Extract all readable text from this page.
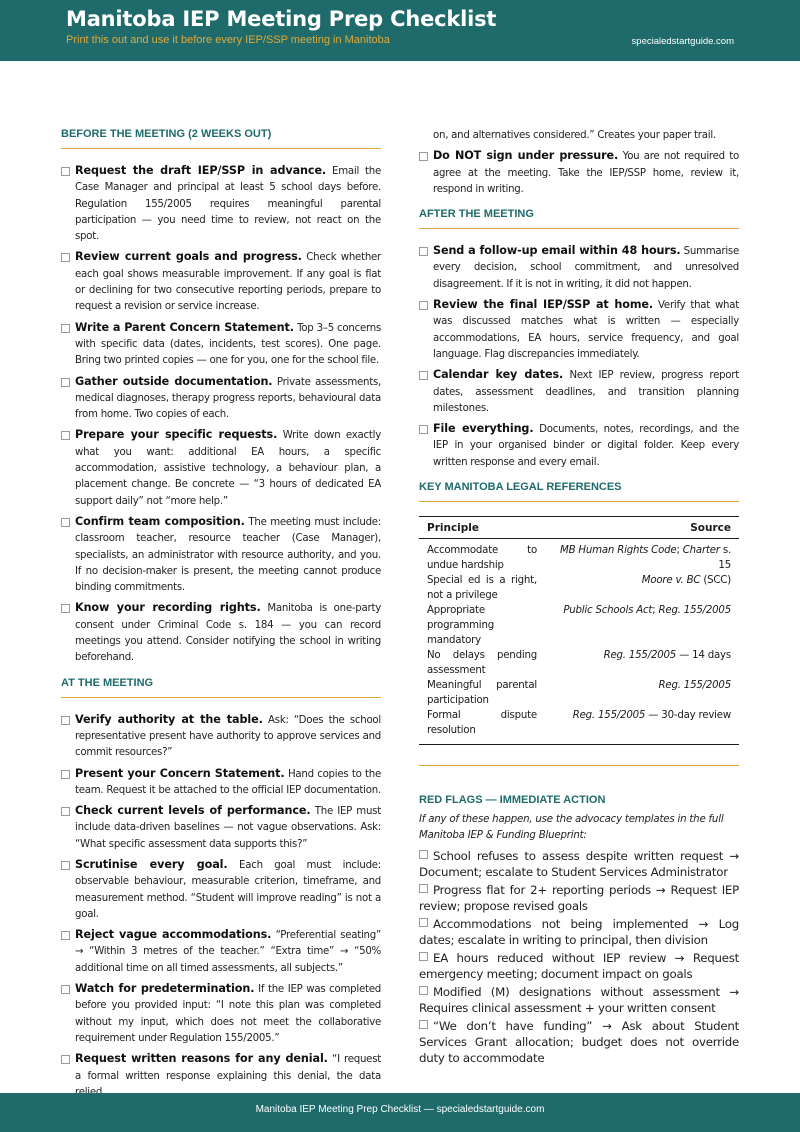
Manitoba IEP Meeting Prep Checklist
Print this out and use it before every IEP/SSP meeting in Manitoba	specialedstartguide.com
BEFORE THE MEETING (2 WEEKS OUT)
Request the draft IEP/SSP in advance. Email the Case Manager and principal at least 5 school days before. Regulation 155/2005 requires meaningful parental participation — you need time to review, not react on the spot.
Review current goals and progress. Check whether each goal shows measurable improvement. If any goal is flat or declining for two consecutive reporting periods, prepare to request a revision or service increase.
Write a Parent Concern Statement. Top 3–5 concerns with specific data (dates, incidents, test scores). One page. Bring two printed copies — one for you, one for the school file.
Gather outside documentation. Private assessments, medical diagnoses, therapy progress reports, behavioural data from home. Two copies of each.
Prepare your specific requests. Write down exactly what you want: additional EA hours, a specific accommodation, assistive technology, a behaviour plan, a placement change. Be concrete — “3 hours of dedicated EA support daily” not “more help.”
Confirm team composition. The meeting must include: classroom teacher, resource teacher (Case Manager), specialists, an administrator with resource authority, and you. If no decision-maker is present, the meeting cannot produce binding commitments.
Know your recording rights. Manitoba is one-party consent under Criminal Code s. 184 — you can record meetings you attend. Consider notifying the school in writing beforehand.
AT THE MEETING
Verify authority at the table. Ask: “Does the school representative present have authority to approve services and commit resources?”
Present your Concern Statement. Hand copies to the team. Request it be attached to the official IEP documentation.
Check current levels of performance. The IEP must include data-driven baselines — not vague observations. Ask: “What specific assessment data supports this?”
Scrutinise every goal. Each goal must include: observable behaviour, measurable criterion, timeframe, and measurement method. “Student will improve reading” is not a goal.
Reject vague accommodations. “Preferential seating” → “Within 3 metres of the teacher.” “Extra time” → “50% additional time on all timed assessments, all subjects.”
Watch for predetermination. If the IEP was completed before you provided input: “I note this plan was completed without my input, which does not meet the collaborative requirement under Regulation 155/2005.”
Request written reasons for any denial. “I request a formal written response explaining this denial, the data
on, and alternatives considered.” Creates your paper trail.
Do NOT sign under pressure. You are not required to agree at the meeting. Take the IEP/SSP home, review it, respond in writing.
AFTER THE MEETING
Send a follow-up email within 48 hours. Summarise every decision, school commitment, and unresolved disagreement. If it is not in writing, it did not happen.
Review the final IEP/SSP at home. Verify that what was discussed matches what is written — especially accommodations, EA hours, service frequency, and goal language. Flag discrepancies immediately.
Calendar key dates. Next IEP review, progress report dates, assessment deadlines, and transition planning milestones.
File everything. Documents, notes, recordings, and the IEP in your organised binder or digital folder. Keep every written response and every email.
KEY MANITOBA LEGAL REFERENCES
Principle	Source
Accommodate to undue hardship	MB Human Rights Code; Charter s. 15
Special ed is a right, not a privilege	Moore v. BC (SCC)
Appropriate programming mandatory	Public Schools Act; Reg. 155/2005
No delays pending assessment	Reg. 155/2005 — 14 days
Meaningful parental participation	Reg. 155/2005
Formal dispute resolution	Reg. 155/2005 — 30-day review
RED FLAGS — IMMEDIATE ACTION
If any of these happen, use the advocacy templates in the full Manitoba IEP & Funding Blueprint:
School refuses to assess despite written request → Document; escalate to Student Services Administrator
Progress flat for 2+ reporting periods → Request IEP review; propose revised goals
Accommodations not being implemented → Log dates; escalate in writing to principal, then division
EA hours reduced without IEP review → Request emergency meeting; document impact on goals
Modified (M) designations without assessment → Requires clinical assessment + your written consent
“We don’t have funding” → Ask about Student Services Grant allocation; budget does not override duty to accommodate
Manitoba IEP Meeting Prep Checklist — specialedstartguide.com
